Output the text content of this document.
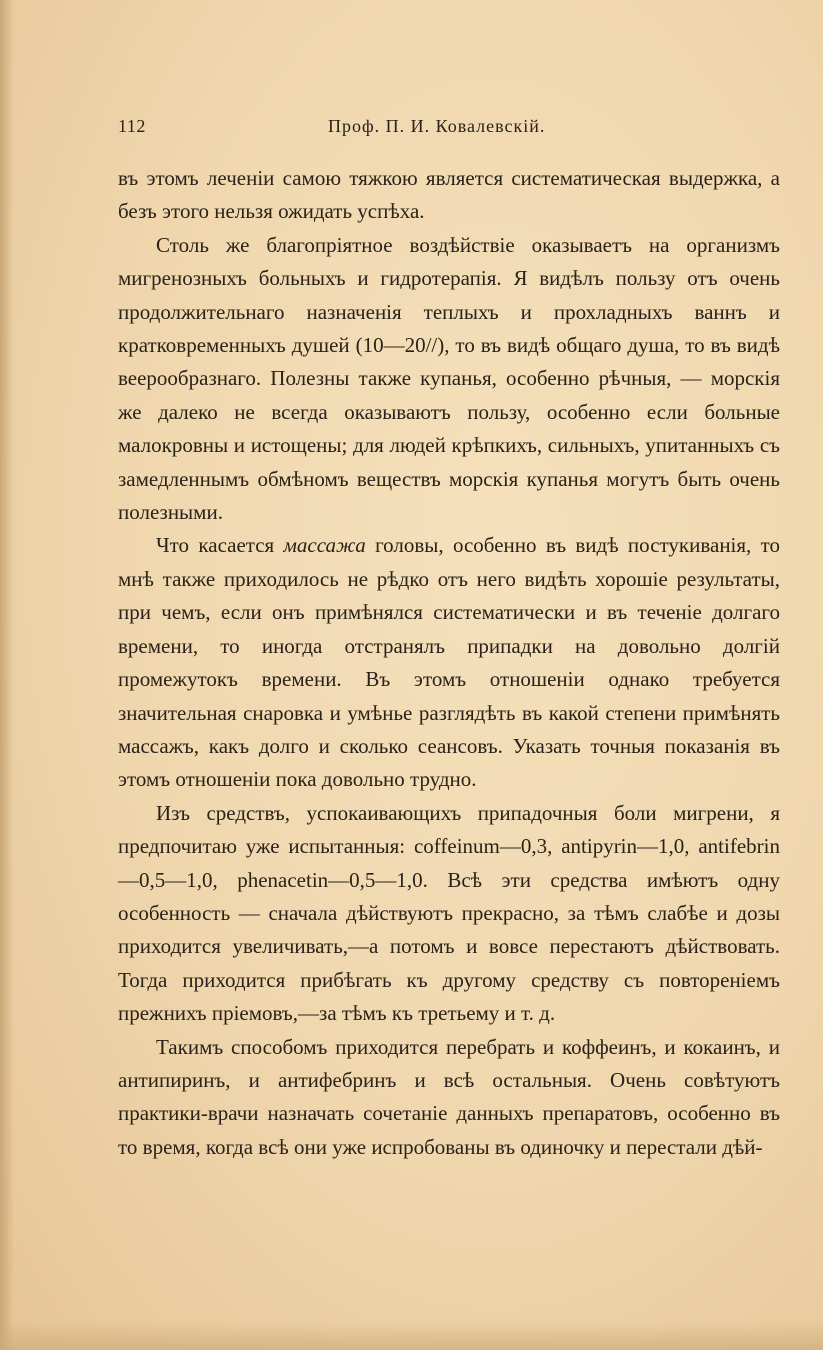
112	Проф. П. И. Ковалевскій.

въ этомъ леченіи самою тяжкою является систематическая выдержка, а безъ этого нельзя ожидать успѣха.

Столь же благопріятное воздѣйствіе оказываетъ на организмъ мигренозныхъ больныхъ и гидротерапія. Я видѣлъ пользу отъ очень продолжительнаго назначенія теплыхъ и прохладныхъ ваннъ и кратковременныхъ душей (10—20//), то въ видѣ общаго душа, то въ видѣ веерообразнаго. Полезны также купанья, особенно рѣчныя, — морскія же далеко не всегда оказываютъ пользу, особенно если больные малокровны и истощены; для людей крѣпкихъ, сильныхъ, упитанныхъ съ замедленнымъ обмѣномъ веществъ морскія купанья могутъ быть очень полезными.

Что касается массажа головы, особенно въ видѣ постукиванія, то мнѣ также приходилось не рѣдко отъ него видѣть хорошіе результаты, при чемъ, если онъ примѣнялся систематически и въ теченіе долгаго времени, то иногда отстранялъ припадки на довольно долгій промежутокъ времени. Въ этомъ отношеніи однако требуется значительная снаровка и умѣнье разглядѣть въ какой степени примѣнять массажъ, какъ долго и сколько сеансовъ. Указать точныя показанія въ этомъ отношеніи пока довольно трудно.

Изъ средствъ, успокаивающихъ припадочныя боли мигрени, я предпочитаю уже испытанныя: coffeinum—0,3, antipyrin—1,0, antifebrin—0,5—1,0, phenacetin—0,5—1,0. Всѣ эти средства имѣютъ одну особенность — сначала дѣйствуютъ прекрасно, за тѣмъ слабѣе и дозы приходится увеличивать,—а потомъ и вовсе перестаютъ дѣйствовать. Тогда приходится прибѣгать къ другому средству съ повтореніемъ прежнихъ пріемовъ,—за тѣмъ къ третьему и т. д.

Такимъ способомъ приходится перебрать и коффеинъ, и кокаинъ, и антипиринъ, и антифебринъ и всѣ остальныя. Очень совѣтуютъ практики-врачи назначать сочетаніе данныхъ препаратовъ, особенно въ то время, когда всѣ они уже испробованы въ одиночку и перестали дѣй-
